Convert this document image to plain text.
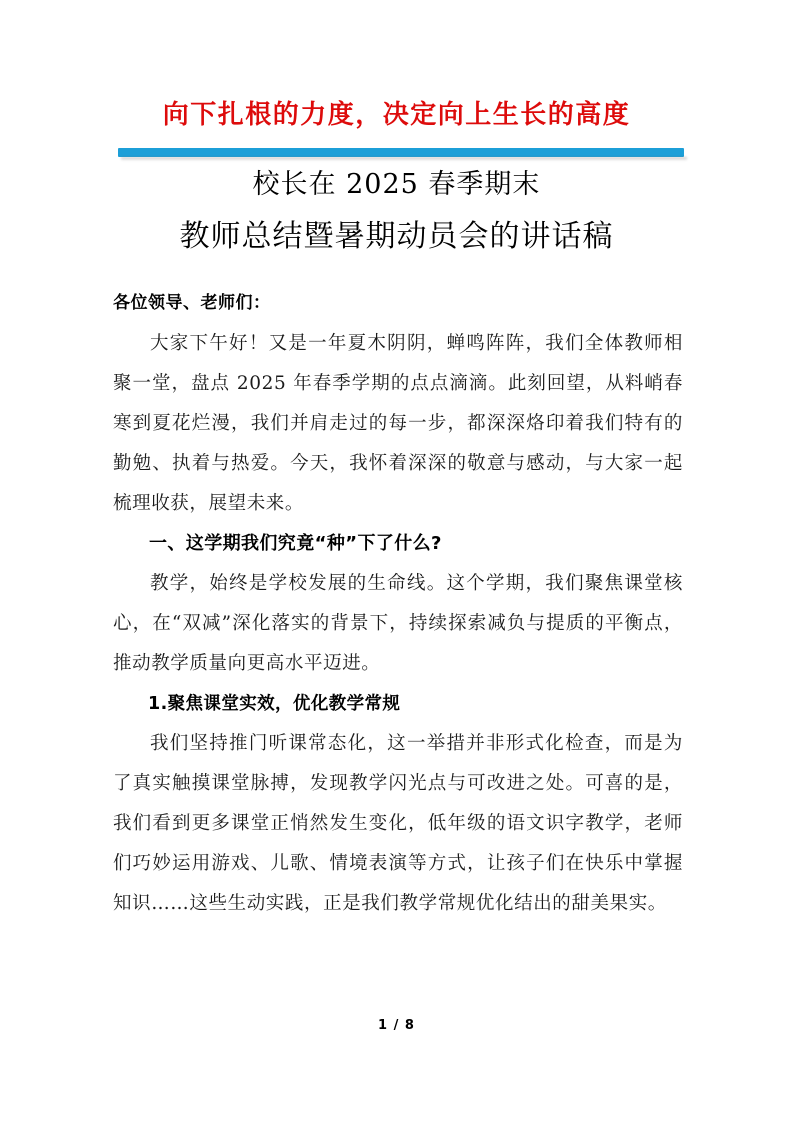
向下扎根的力度，决定向上生长的高度
校长在 2025 春季期末
教师总结暨暑期动员会的讲话稿
各位领导、老师们：

大家下午好！又是一年夏木阴阴，蝉鸣阵阵，我们全体教师相聚一堂，盘点 2025 年春季学期的点点滴滴。此刻回望，从料峭春寒到夏花烂漫，我们并肩走过的每一步，都深深烙印着我们特有的勤勉、执着与热爱。今天，我怀着深深的敬意与感动，与大家一起梳理收获，展望未来。

一、这学期我们究竟“种”下了什么?

教学，始终是学校发展的生命线。这个学期，我们聚焦课堂核心，在“双减”深化落实的背景下，持续探索减负与提质的平衡点，推动教学质量向更高水平迈进。

1.聚焦课堂实效，优化教学常规

我们坚持推门听课常态化，这一举措并非形式化检查，而是为了真实触摸课堂脉搏，发现教学闪光点与可改进之处。可喜的是，我们看到更多课堂正悄然发生变化，低年级的语文识字教学，老师们巧妙运用游戏、儿歌、情境表演等方式，让孩子们在快乐中掌握知识……这些生动实践，正是我们教学常规优化结出的甜美果实。

1 / 8
